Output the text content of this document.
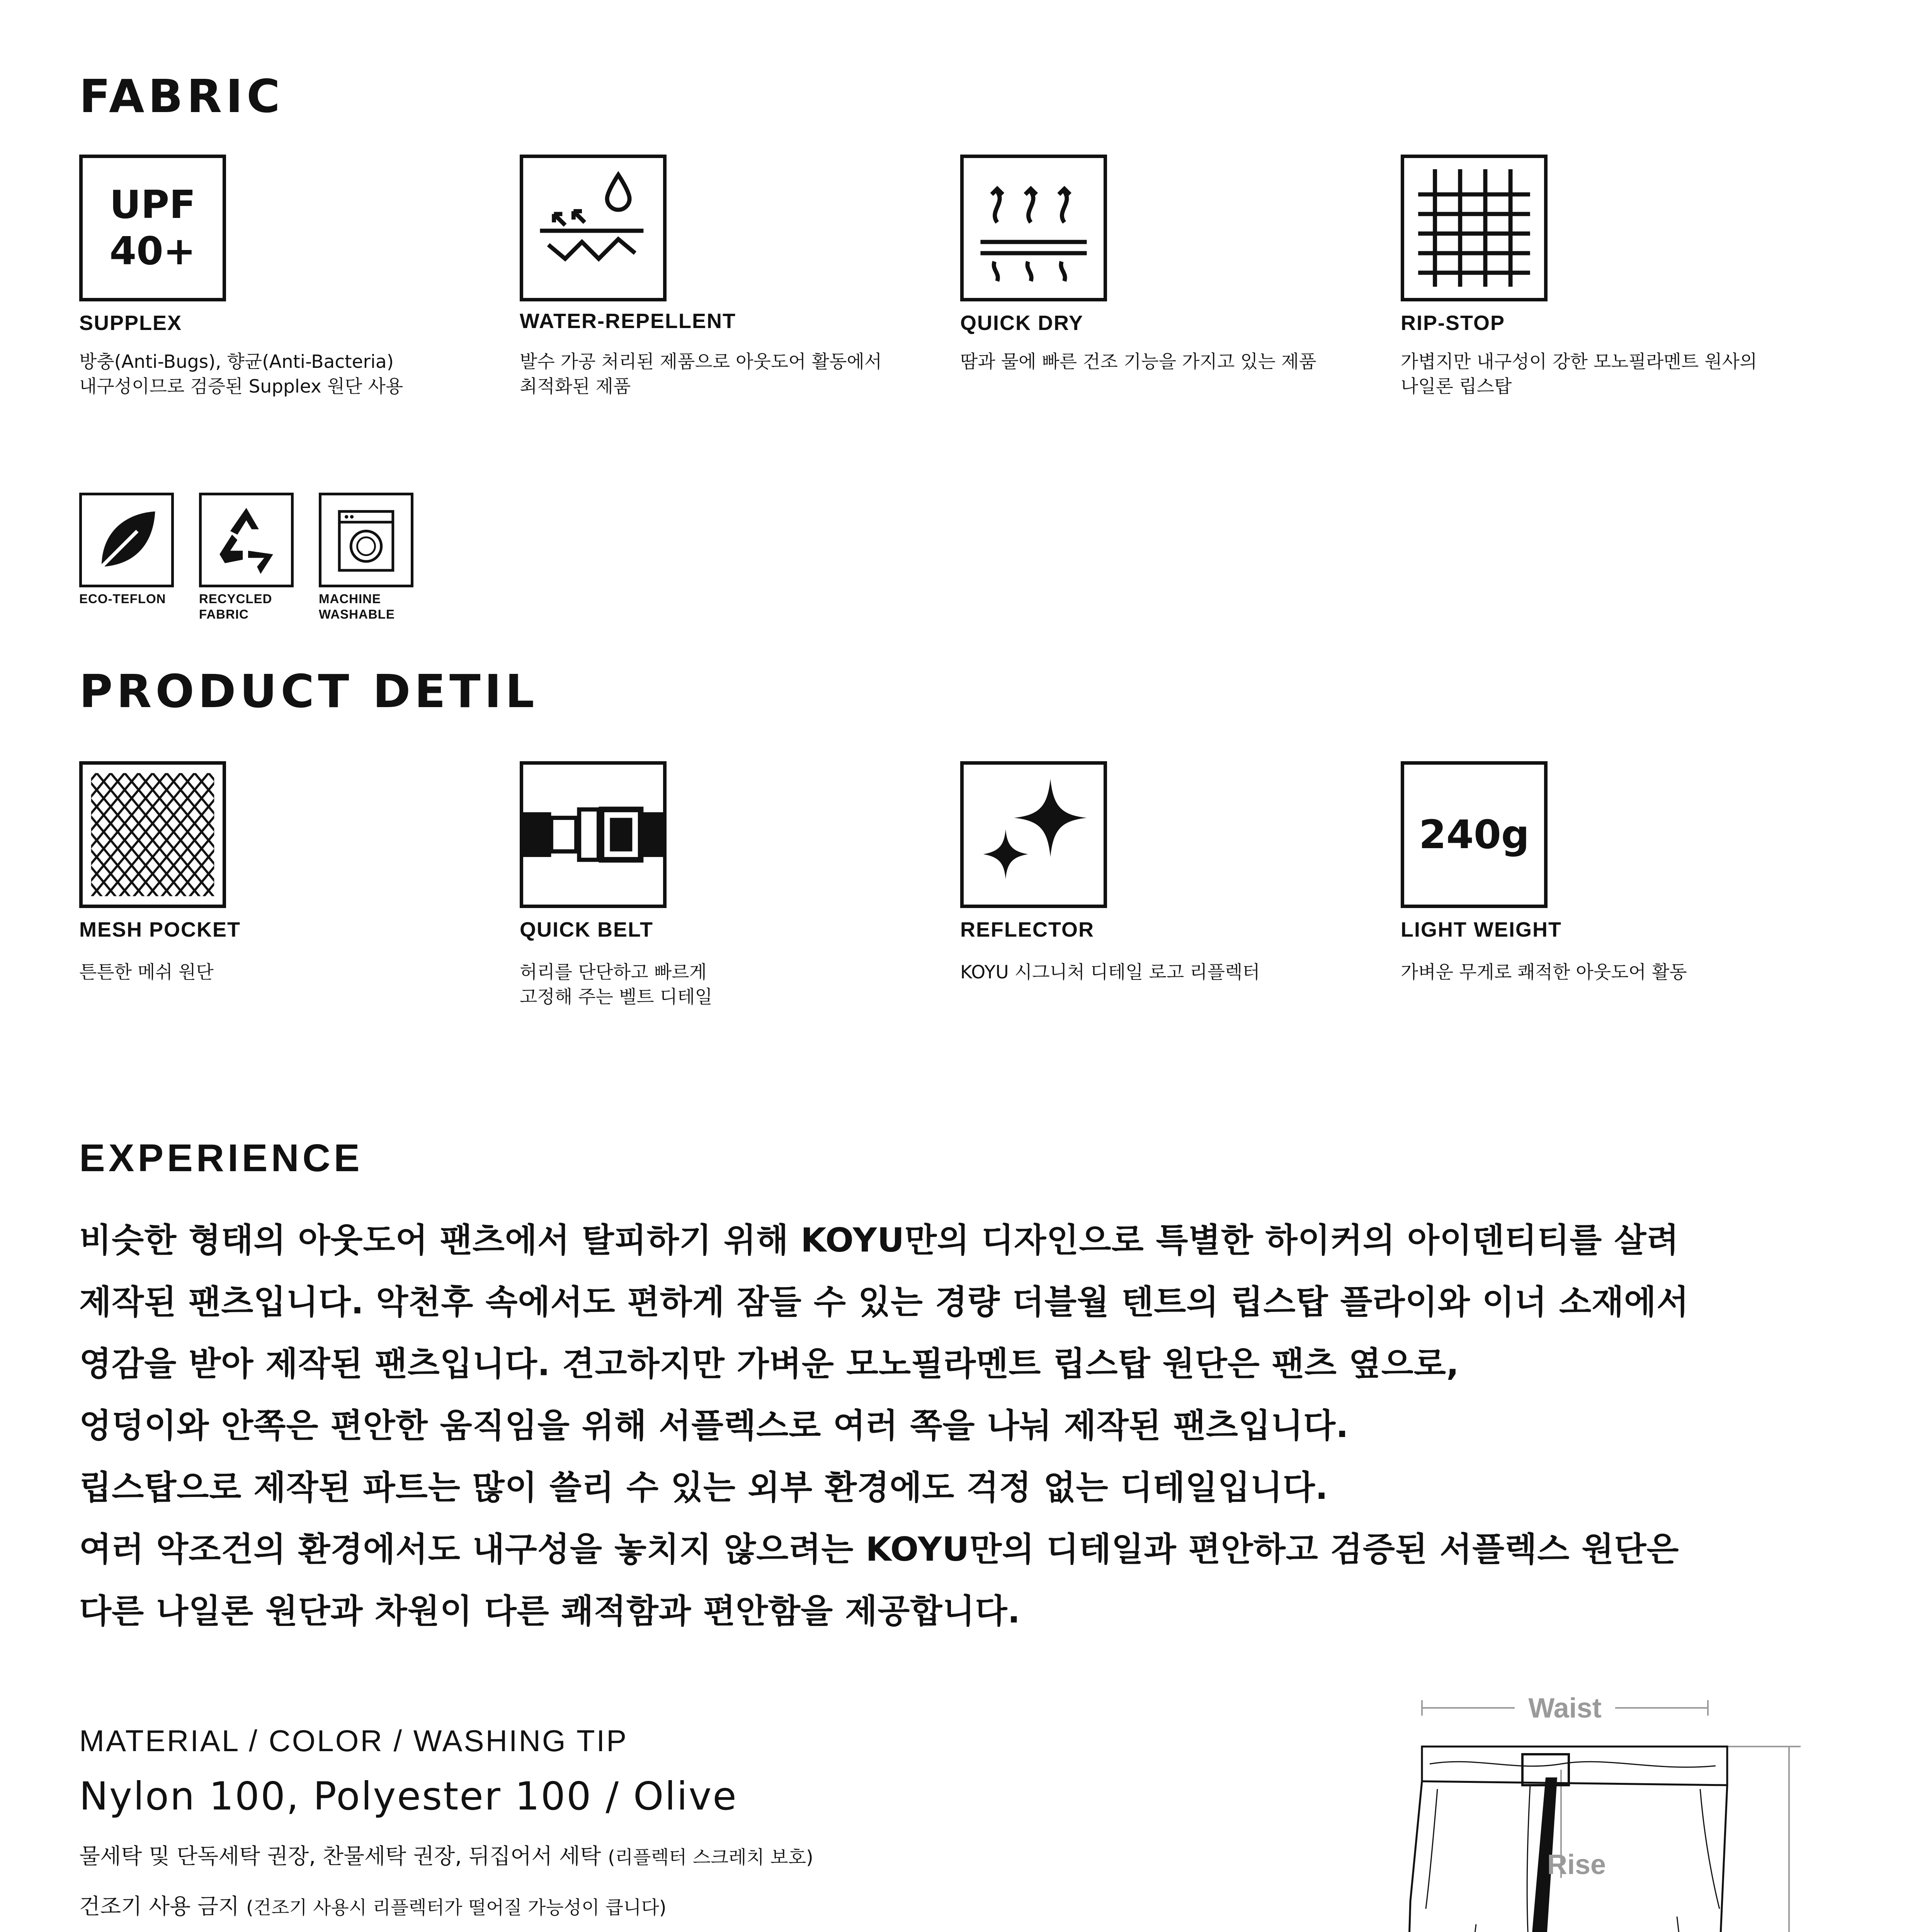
FABRIC
UPF
40+
SUPPLEX
방충(Anti-Bugs), 향균(Anti-Bacteria)
내구성이므로 검증된 Supplex 원단 사용
WATER-REPELLENT
발수 가공 처리된 제품으로 아웃도어 활동에서
최적화된 제품
QUICK DRY
땀과 물에 빠른 건조 기능을 가지고 있는 제품
RIP-STOP
가볍지만 내구성이 강한 모노필라멘트 원사의
나일론 립스탑
ECO-TEFLON	RECYCLED
FABRIC
MACHINE
WASHABLE
PRODUCT DETIL
MESH POCKET
튼튼한 메쉬 원단
QUICK BELT
허리를 단단하고 빠르게
고정해 주는 벨트 디테일
REFLECTOR
KOYU 시그니처 디테일 로고 리플렉터
240g
LIGHT WEIGHT
가벼운 무게로 쾌적한 아웃도어 활동
EXPERIENCE
비슷한 형태의 아웃도어 팬츠에서 탈피하기 위해 KOYU만의 디자인으로 특별한 하이커의 아이덴티티를 살려
제작된 팬츠입니다. 악천후 속에서도 편하게 잠들 수 있는 경량 더블월 텐트의 립스탑 플라이와 이너 소재에서
영감을 받아 제작된 팬츠입니다. 견고하지만 가벼운 모노필라멘트 립스탑 원단은 팬츠 옆으로,
엉덩이와 안쪽은 편안한 움직임을 위해 서플렉스로 여러 쪽을 나눠 제작된 팬츠입니다.
립스탑으로 제작된 파트는 많이 쓸리 수 있는 외부 환경에도 걱정 없는 디테일입니다.
여러 악조건의 환경에서도 내구성을 놓치지 않으려는 KOYU만의 디테일과 편안하고 검증된 서플렉스 원단은
다른 나일론 원단과 차원이 다른 쾌적함과 편안함을 제공합니다.
MATERIAL / COLOR / WASHING TIP
Nylon 100, Polyester 100 / Olive
물세탁 및 단독세탁 권장, 찬물세탁 권장, 뒤집어서 세탁 (리플렉터 스크레치 보호)
건조기 사용 금지 (건조기 사용시 리플렉터가 떨어질 가능성이 큽니다)
Waist
Rise
